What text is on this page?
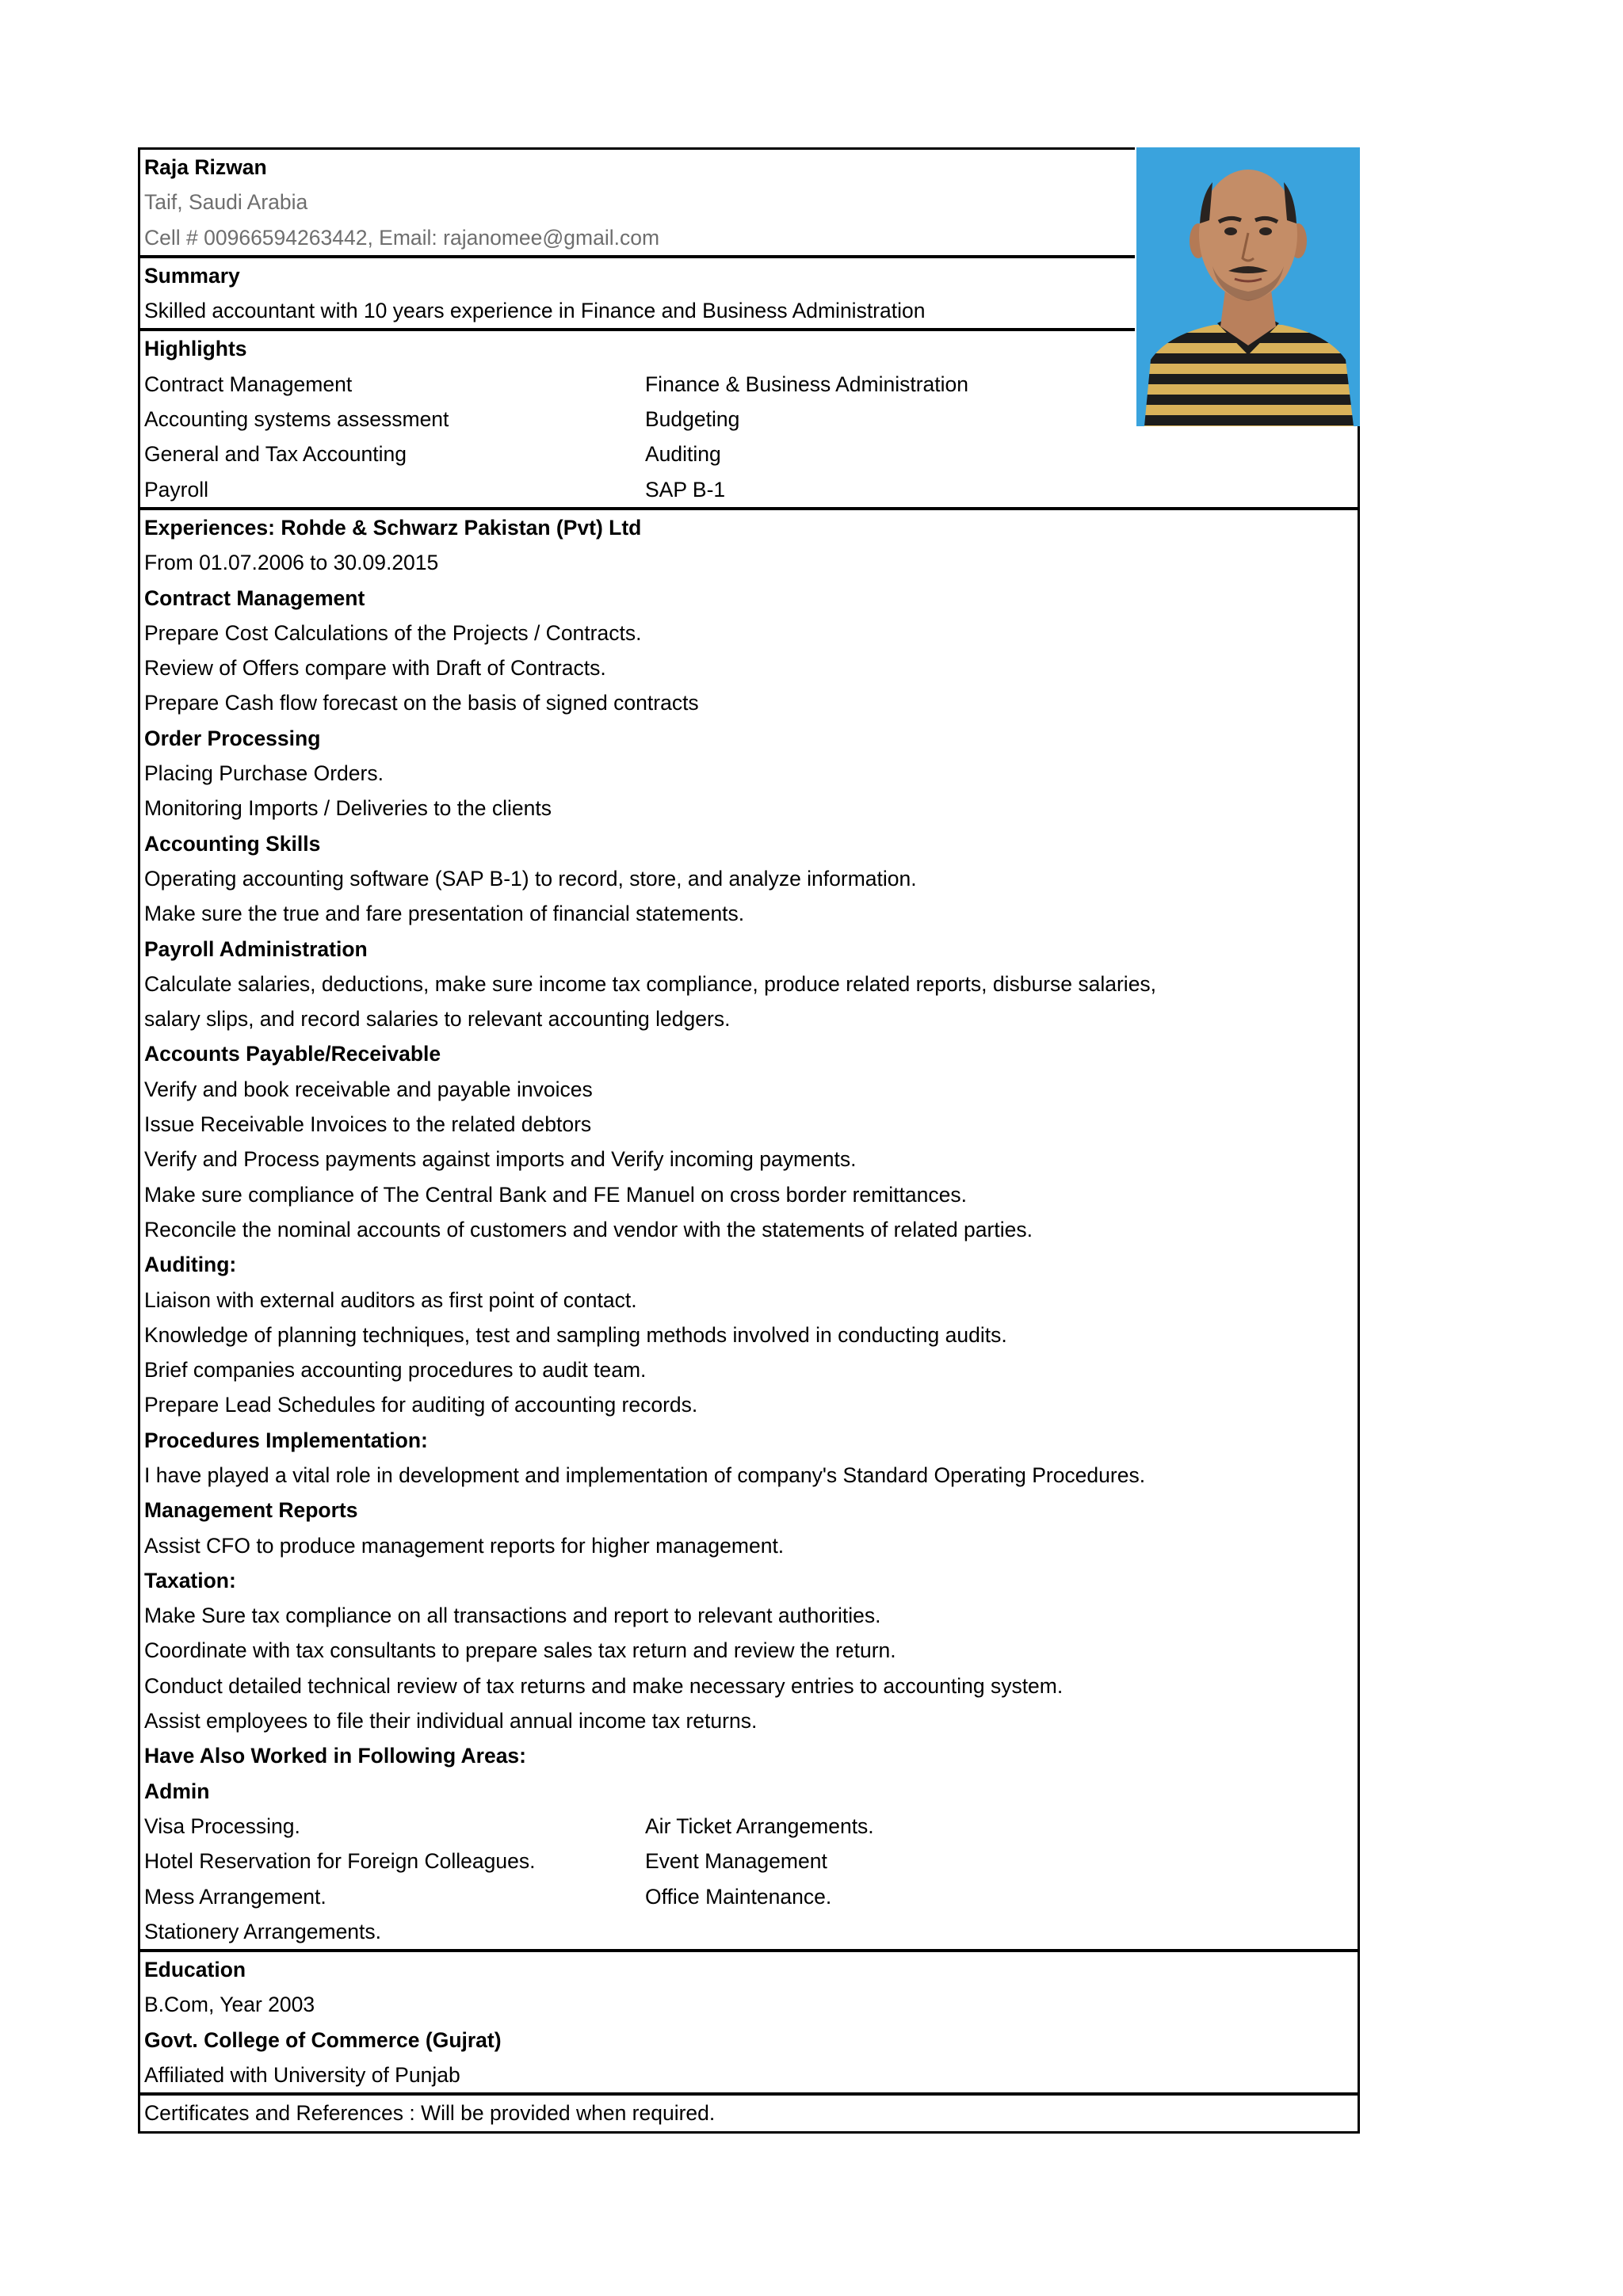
Raja Rizwan
Taif, Saudi Arabia
Cell # 00966594263442, Email: rajanomee@gmail.com
Summary
Skilled accountant with 10 years experience in Finance and Business Administration
Highlights
Contract Management	Finance & Business Administration
Accounting systems assessment	Budgeting
General and Tax Accounting	Auditing
Payroll	SAP B-1
Experiences: Rohde & Schwarz Pakistan (Pvt) Ltd
From 01.07.2006 to 30.09.2015
Contract Management
Prepare Cost Calculations of the Projects / Contracts.
Review of Offers compare with Draft of Contracts.
Prepare Cash flow forecast on the basis of signed contracts
Order Processing
Placing Purchase Orders.
Monitoring Imports / Deliveries to the clients
Accounting Skills
Operating accounting software (SAP B-1) to record, store, and analyze information.
Make sure the true and fare presentation of financial statements.
Payroll Administration
Calculate salaries, deductions, make sure income tax compliance, produce related reports, disburse salaries,
salary slips, and record salaries to relevant accounting ledgers.
Accounts Payable/Receivable
Verify and book receivable and payable invoices
Issue Receivable Invoices to the related debtors
Verify and Process payments against imports and Verify incoming payments.
Make sure compliance of The Central Bank and FE Manuel on cross border remittances.
Reconcile the nominal accounts of customers and vendor with the statements of related parties.
Auditing:
Liaison with external auditors as first point of contact.
Knowledge of planning techniques, test and sampling methods involved in conducting audits.
Brief companies accounting procedures to audit team.
Prepare Lead Schedules for auditing of accounting records.
Procedures Implementation:
I have played a vital role in development and implementation of company's Standard Operating Procedures.
Management Reports
Assist CFO to produce management reports for higher management.
Taxation:
Make Sure tax compliance on all transactions and report to relevant authorities.
Coordinate with tax consultants to prepare sales tax return and review the return.
Conduct detailed technical review of tax returns and make necessary entries to accounting system.
Assist employees to file their individual annual income tax returns.
Have Also Worked in Following Areas:
Admin
Visa Processing.	Air Ticket Arrangements.
Hotel Reservation for Foreign Colleagues.	Event Management
Mess Arrangement.	Office Maintenance.
Stationery Arrangements.
Education
B.Com, Year 2003
Govt. College of Commerce (Gujrat)
Affiliated with University of Punjab
Certificates and References : Will be provided when required.
